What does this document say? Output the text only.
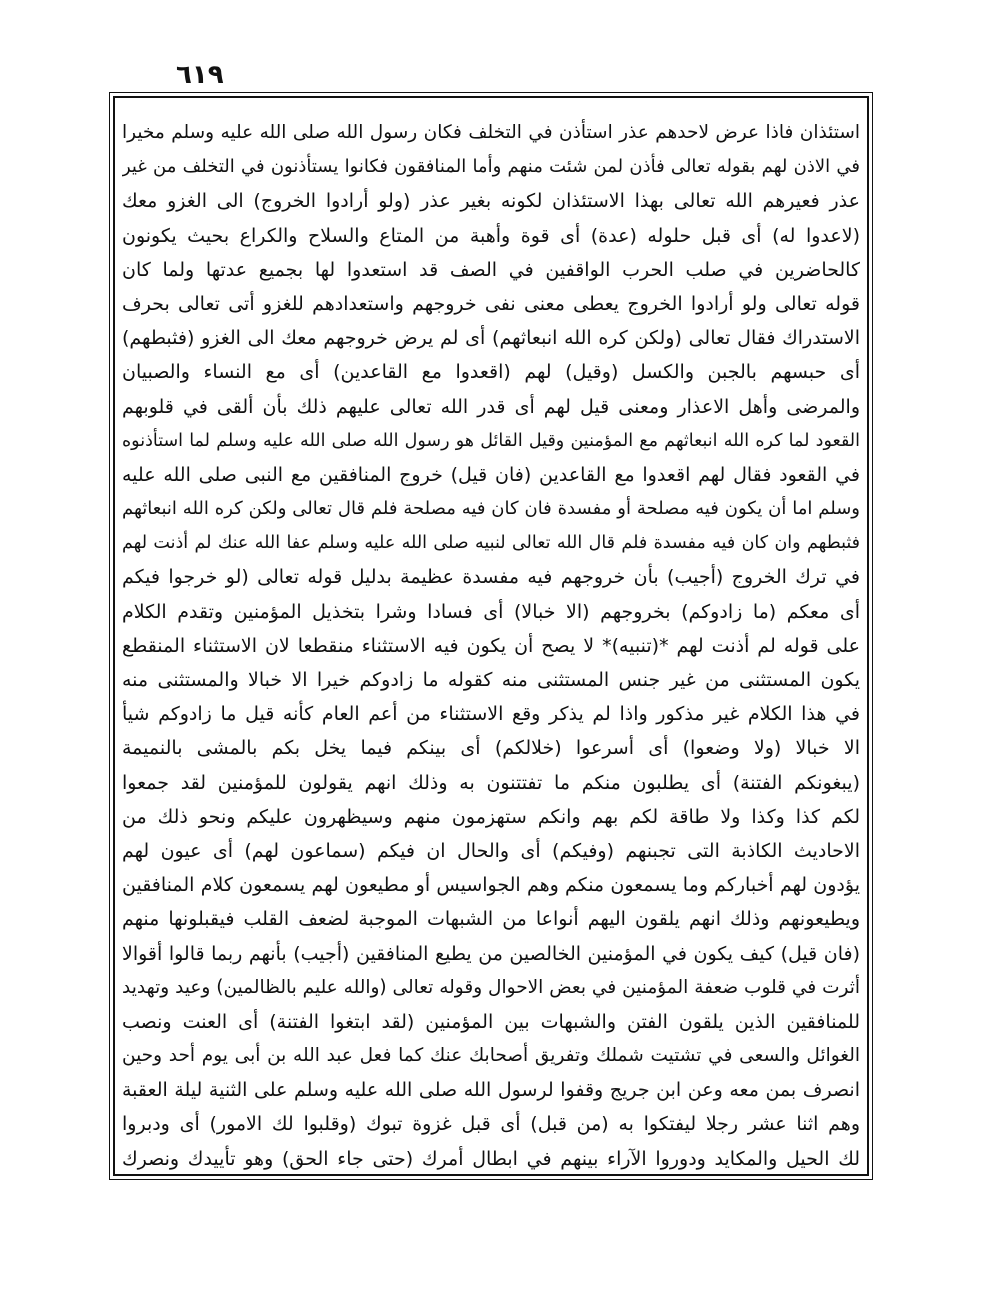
٦١٩
استئذان فاذا عرض لاحدهم عذر استأذن في التخلف فكان رسول الله صلى الله عليه وسلم مخيرا
في الاذن لهم بقوله تعالى فأذن لمن شئت منهم وأما المنافقون فكانوا يستأذنون في التخلف من غير
عذر فعيرهم الله تعالى بهذا الاستئذان لكونه بغير عذر (ولو أرادوا الخروج) الى الغزو معك
(لاعدوا له) أى قبل حلوله (عدة) أى قوة وأهبة من المتاع والسلاح والكراع بحيث يكونون
كالحاضرين في صلب الحرب الواقفين في الصف قد استعدوا لها بجميع عدتها ولما كان
قوله تعالى ولو أرادوا الخروج يعطى معنى نفى خروجهم واستعدادهم للغزو أتى تعالى بحرف
الاستدراك فقال تعالى (ولكن كره الله انبعاثهم) أى لم يرض خروجهم معك الى الغزو (فثبطهم)
أى حبسهم بالجبن والكسل (وقيل) لهم (اقعدوا مع القاعدين) أى مع النساء والصبيان
والمرضى وأهل الاعذار ومعنى قيل لهم أى قدر الله تعالى عليهم ذلك بأن ألقى في قلوبهم
القعود لما كره الله انبعاثهم مع المؤمنين وقيل القائل هو رسول الله صلى الله عليه وسلم لما استأذنوه
في القعود فقال لهم اقعدوا مع القاعدين (فان قيل) خروج المنافقين مع النبى صلى الله عليه
وسلم اما أن يكون فيه مصلحة أو مفسدة فان كان فيه مصلحة فلم قال تعالى ولكن كره الله انبعاثهم
فثبطهم وان كان فيه مفسدة فلم قال الله تعالى لنبيه صلى الله عليه وسلم عفا الله عنك لم أذنت لهم
في ترك الخروج (أجيب) بأن خروجهم فيه مفسدة عظيمة بدليل قوله تعالى (لو خرجوا فيكم
أى معكم (ما زادوكم) بخروجهم (الا خبالا) أى فسادا وشرا بتخذيل المؤمنين وتقدم الكلام
على قوله لم أذنت لهم *(تنبيه)* لا يصح أن يكون فيه الاستثناء منقطعا لان الاستثناء المنقطع
يكون المستثنى من غير جنس المستثنى منه كقوله ما زادوكم خيرا الا خبالا والمستثنى منه
في هذا الكلام غير مذكور واذا لم يذكر وقع الاستثناء من أعم العام كأنه قيل ما زادوكم شيأ
الا خبالا (ولا وضعوا) أى أسرعوا (خلالكم) أى بينكم فيما يخل بكم بالمشى بالنميمة
(يبغونكم الفتنة) أى يطلبون منكم ما تفتتنون به وذلك انهم يقولون للمؤمنين لقد جمعوا
لكم كذا وكذا ولا طاقة لكم بهم وانكم ستهزمون منهم وسيظهرون عليكم ونحو ذلك من
الاحاديث الكاذبة التى تجبنهم (وفيكم) أى والحال ان فيكم (سماعون لهم) أى عيون لهم
يؤدون لهم أخباركم وما يسمعون منكم وهم الجواسيس أو مطيعون لهم يسمعون كلام المنافقين
ويطيعونهم وذلك انهم يلقون اليهم أنواعا من الشبهات الموجبة لضعف القلب فيقبلونها منهم
(فان قيل) كيف يكون في المؤمنين الخالصين من يطيع المنافقين (أجيب) بأنهم ربما قالوا أقوالا
أثرت في قلوب ضعفة المؤمنين في بعض الاحوال وقوله تعالى (والله عليم بالظالمين) وعيد وتهديد
للمنافقين الذين يلقون الفتن والشبهات بين المؤمنين (لقد ابتغوا الفتنة) أى العنت ونصب
الغوائل والسعى في تشتيت شملك وتفريق أصحابك عنك كما فعل عبد الله بن أبى يوم أحد وحين
انصرف بمن معه وعن ابن جريج وقفوا لرسول الله صلى الله عليه وسلم على الثنية ليلة العقبة
وهم اثنا عشر رجلا ليفتكوا به (من قبل) أى قبل غزوة تبوك (وقلبوا لك الامور) أى ودبروا
لك الحيل والمكايد ودوروا الآراء بينهم في ابطال أمرك (حتى جاء الحق) وهو تأييدك ونصرك
